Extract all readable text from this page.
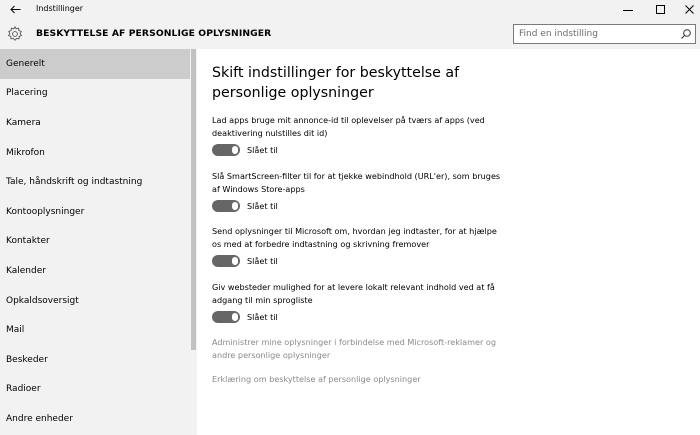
Indstillinger
BESKYTTELSE AF PERSONLIGE OPLYSNINGER
Find en indstilling
Generelt
Placering
Kamera
Mikrofon
Tale, håndskrift og indtastning
Kontooplysninger
Kontakter
Kalender
Opkaldsoversigt
Mail
Beskeder
Radioer
Andre enheder
Skift indstillinger for beskyttelse af personlige oplysninger
Lad apps bruge mit annonce-id til oplevelser på tværs af apps (ved deaktivering nulstilles dit id)
Slået til
Slå SmartScreen-filter til for at tjekke webindhold (URL'er), som bruges af Windows Store-apps
Slået til
Send oplysninger til Microsoft om, hvordan jeg indtaster, for at hjælpe os med at forbedre indtastning og skrivning fremover
Slået til
Giv websteder mulighed for at levere lokalt relevant indhold ved at få adgang til min sprogliste
Slået til
Administrer mine oplysninger i forbindelse med Microsoft-reklamer og andre personlige oplysninger
Erklæring om beskyttelse af personlige oplysninger
